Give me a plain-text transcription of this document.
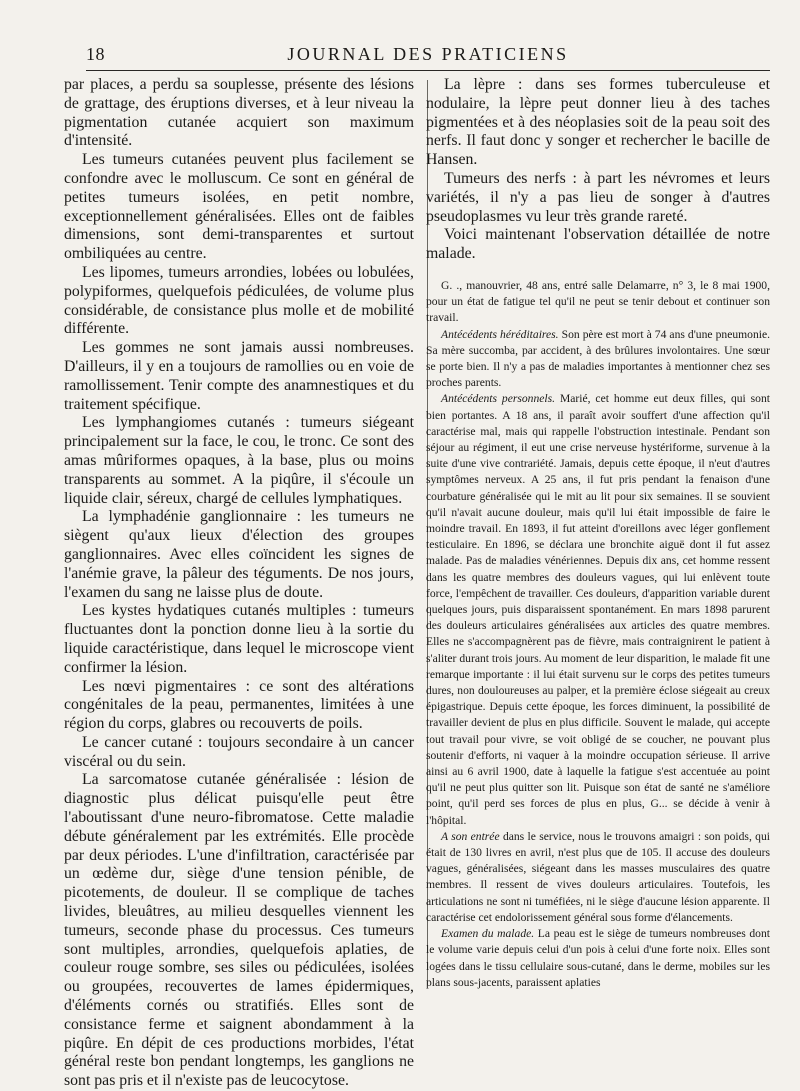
18	JOURNAL DES PRATICIENS

par places, a perdu sa souplesse, présente des lésions de grattage, des éruptions diverses, et à leur niveau la pigmentation cutanée acquiert son maximum d'intensité.

Les tumeurs cutanées peuvent plus facilement se confondre avec le molluscum. Ce sont en général de petites tumeurs isolées, en petit nombre, exceptionnellement généralisées. Elles ont de faibles dimensions, sont demi-transparentes et surtout ombiliquées au centre.

Les lipomes, tumeurs arrondies, lobées ou lobulées, polypiformes, quelquefois pédiculées, de volume plus considérable, de consistance plus molle et de mobilité différente.

Les gommes ne sont jamais aussi nombreuses. D'ailleurs, il y en a toujours de ramollies ou en voie de ramollissement. Tenir compte des anamnestiques et du traitement spécifique.

Les lymphangiomes cutanés : tumeurs siégeant principalement sur la face, le cou, le tronc. Ce sont des amas mûriformes opaques, à la base, plus ou moins transparents au sommet. A la piqûre, il s'écoule un liquide clair, séreux, chargé de cellules lymphatiques.

La lymphadénie ganglionnaire : les tumeurs ne siègent qu'aux lieux d'élection des groupes ganglionnaires. Avec elles coïncident les signes de l'anémie grave, la pâleur des téguments. De nos jours, l'examen du sang ne laisse plus de doute.

Les kystes hydatiques cutanés multiples : tumeurs fluctuantes dont la ponction donne lieu à la sortie du liquide caractéristique, dans lequel le microscope vient confirmer la lésion.

Les nœvi pigmentaires : ce sont des altérations congénitales de la peau, permanentes, limitées à une région du corps, glabres ou recouverts de poils.

Le cancer cutané : toujours secondaire à un cancer viscéral ou du sein.

La sarcomatose cutanée généralisée : lésion de diagnostic plus délicat puisqu'elle peut être l'aboutissant d'une neuro-fibromatose. Cette maladie débute généralement par les extrémités. Elle procède par deux périodes. L'une d'infiltration, caractérisée par un œdème dur, siège d'une tension pénible, de picotements, de douleur. Il se complique de taches livides, bleuâtres, au milieu desquelles viennent les tumeurs, seconde phase du processus. Ces tumeurs sont multiples, arrondies, quelquefois aplaties, de couleur rouge sombre, ses siles ou pédiculées, isolées ou groupées, recouvertes de lames épidermiques, d'éléments cornés ou stratifiés. Elles sont de consistance ferme et saignent abondamment à la piqûre. En dépit de ces productions morbides, l'état général reste bon pendant longtemps, les ganglions ne sont pas pris et il n'existe pas de leucocytose.

La lèpre : dans ses formes tuberculeuse et nodulaire, la lèpre peut donner lieu à des taches pigmentées et à des néoplasies soit de la peau soit des nerfs. Il faut donc y songer et rechercher le bacille de Hansen.

Tumeurs des nerfs : à part les névromes et leurs variétés, il n'y a pas lieu de songer à d'autres pseudoplasmes vu leur très grande rareté.

Voici maintenant l'observation détaillée de notre malade.

G. ., manouvrier, 48 ans, entré salle Delamarre, n° 3, le 8 mai 1900, pour un état de fatigue tel qu'il ne peut se tenir debout et continuer son travail.

Antécédents héréditaires. Son père est mort à 74 ans d'une pneumonie. Sa mère succomba, par accident, à des brûlures involontaires. Une sœur se porte bien. Il n'y a pas de maladies importantes à mentionner chez ses proches parents.

Antécédents personnels. Marié, cet homme eut deux filles, qui sont bien portantes. A 18 ans, il paraît avoir souffert d'une affection qu'il caractérise mal, mais qui rappelle l'obstruction intestinale. Pendant son séjour au régiment, il eut une crise nerveuse hystériforme, survenue à la suite d'une vive contrariété. Jamais, depuis cette époque, il n'eut d'autres symptômes nerveux. A 25 ans, il fut pris pendant la fenaison d'une courbature généralisée qui le mit au lit pour six semaines. Il se souvient qu'il n'avait aucune douleur, mais qu'il lui était impossible de faire le moindre travail. En 1893, il fut atteint d'oreillons avec léger gonflement testiculaire. En 1896, se déclara une bronchite aiguë dont il fut assez malade. Pas de maladies vénériennes. Depuis dix ans, cet homme ressent dans les quatre membres des douleurs vagues, qui lui enlèvent toute force, l'empêchent de travailler. Ces douleurs, d'apparition variable durent quelques jours, puis disparaissent spontanément. En mars 1898 parurent des douleurs articulaires généralisées aux articles des quatre membres. Elles ne s'accompagnèrent pas de fièvre, mais contraignirent le patient à s'aliter durant trois jours. Au moment de leur disparition, le malade fit une remarque importante : il lui était survenu sur le corps des petites tumeurs dures, non douloureuses au palper, et la première éclose siégeait au creux épigastrique. Depuis cette époque, les forces diminuent, la possibilité de travailler devient de plus en plus difficile. Souvent le malade, qui accepte tout travail pour vivre, se voit obligé de se coucher, ne pouvant plus soutenir d'efforts, ni vaquer à la moindre occupation sérieuse. Il arrive ainsi au 6 avril 1900, date à laquelle la fatigue s'est accentuée au point qu'il ne peut plus quitter son lit. Puisque son état de santé ne s'améliore point, qu'il perd ses forces de plus en plus, G... se décide à venir à l'hôpital.

A son entrée dans le service, nous le trouvons amaigri : son poids, qui était de 130 livres en avril, n'est plus que de 105. Il accuse des douleurs vagues, généralisées, siégeant dans les masses musculaires des quatre membres. Il ressent de vives douleurs articulaires. Toutefois, les articulations ne sont ni tuméfiées, ni le siège d'aucune lésion apparente. Il caractérise cet endolorissement général sous forme d'élancements.

Examen du malade. La peau est le siège de tumeurs nombreuses dont le volume varie depuis celui d'un pois à celui d'une forte noix. Elles sont logées dans le tissu cellulaire sous-cutané, dans le derme, mobiles sur les plans sous-jacents, paraissent aplaties
